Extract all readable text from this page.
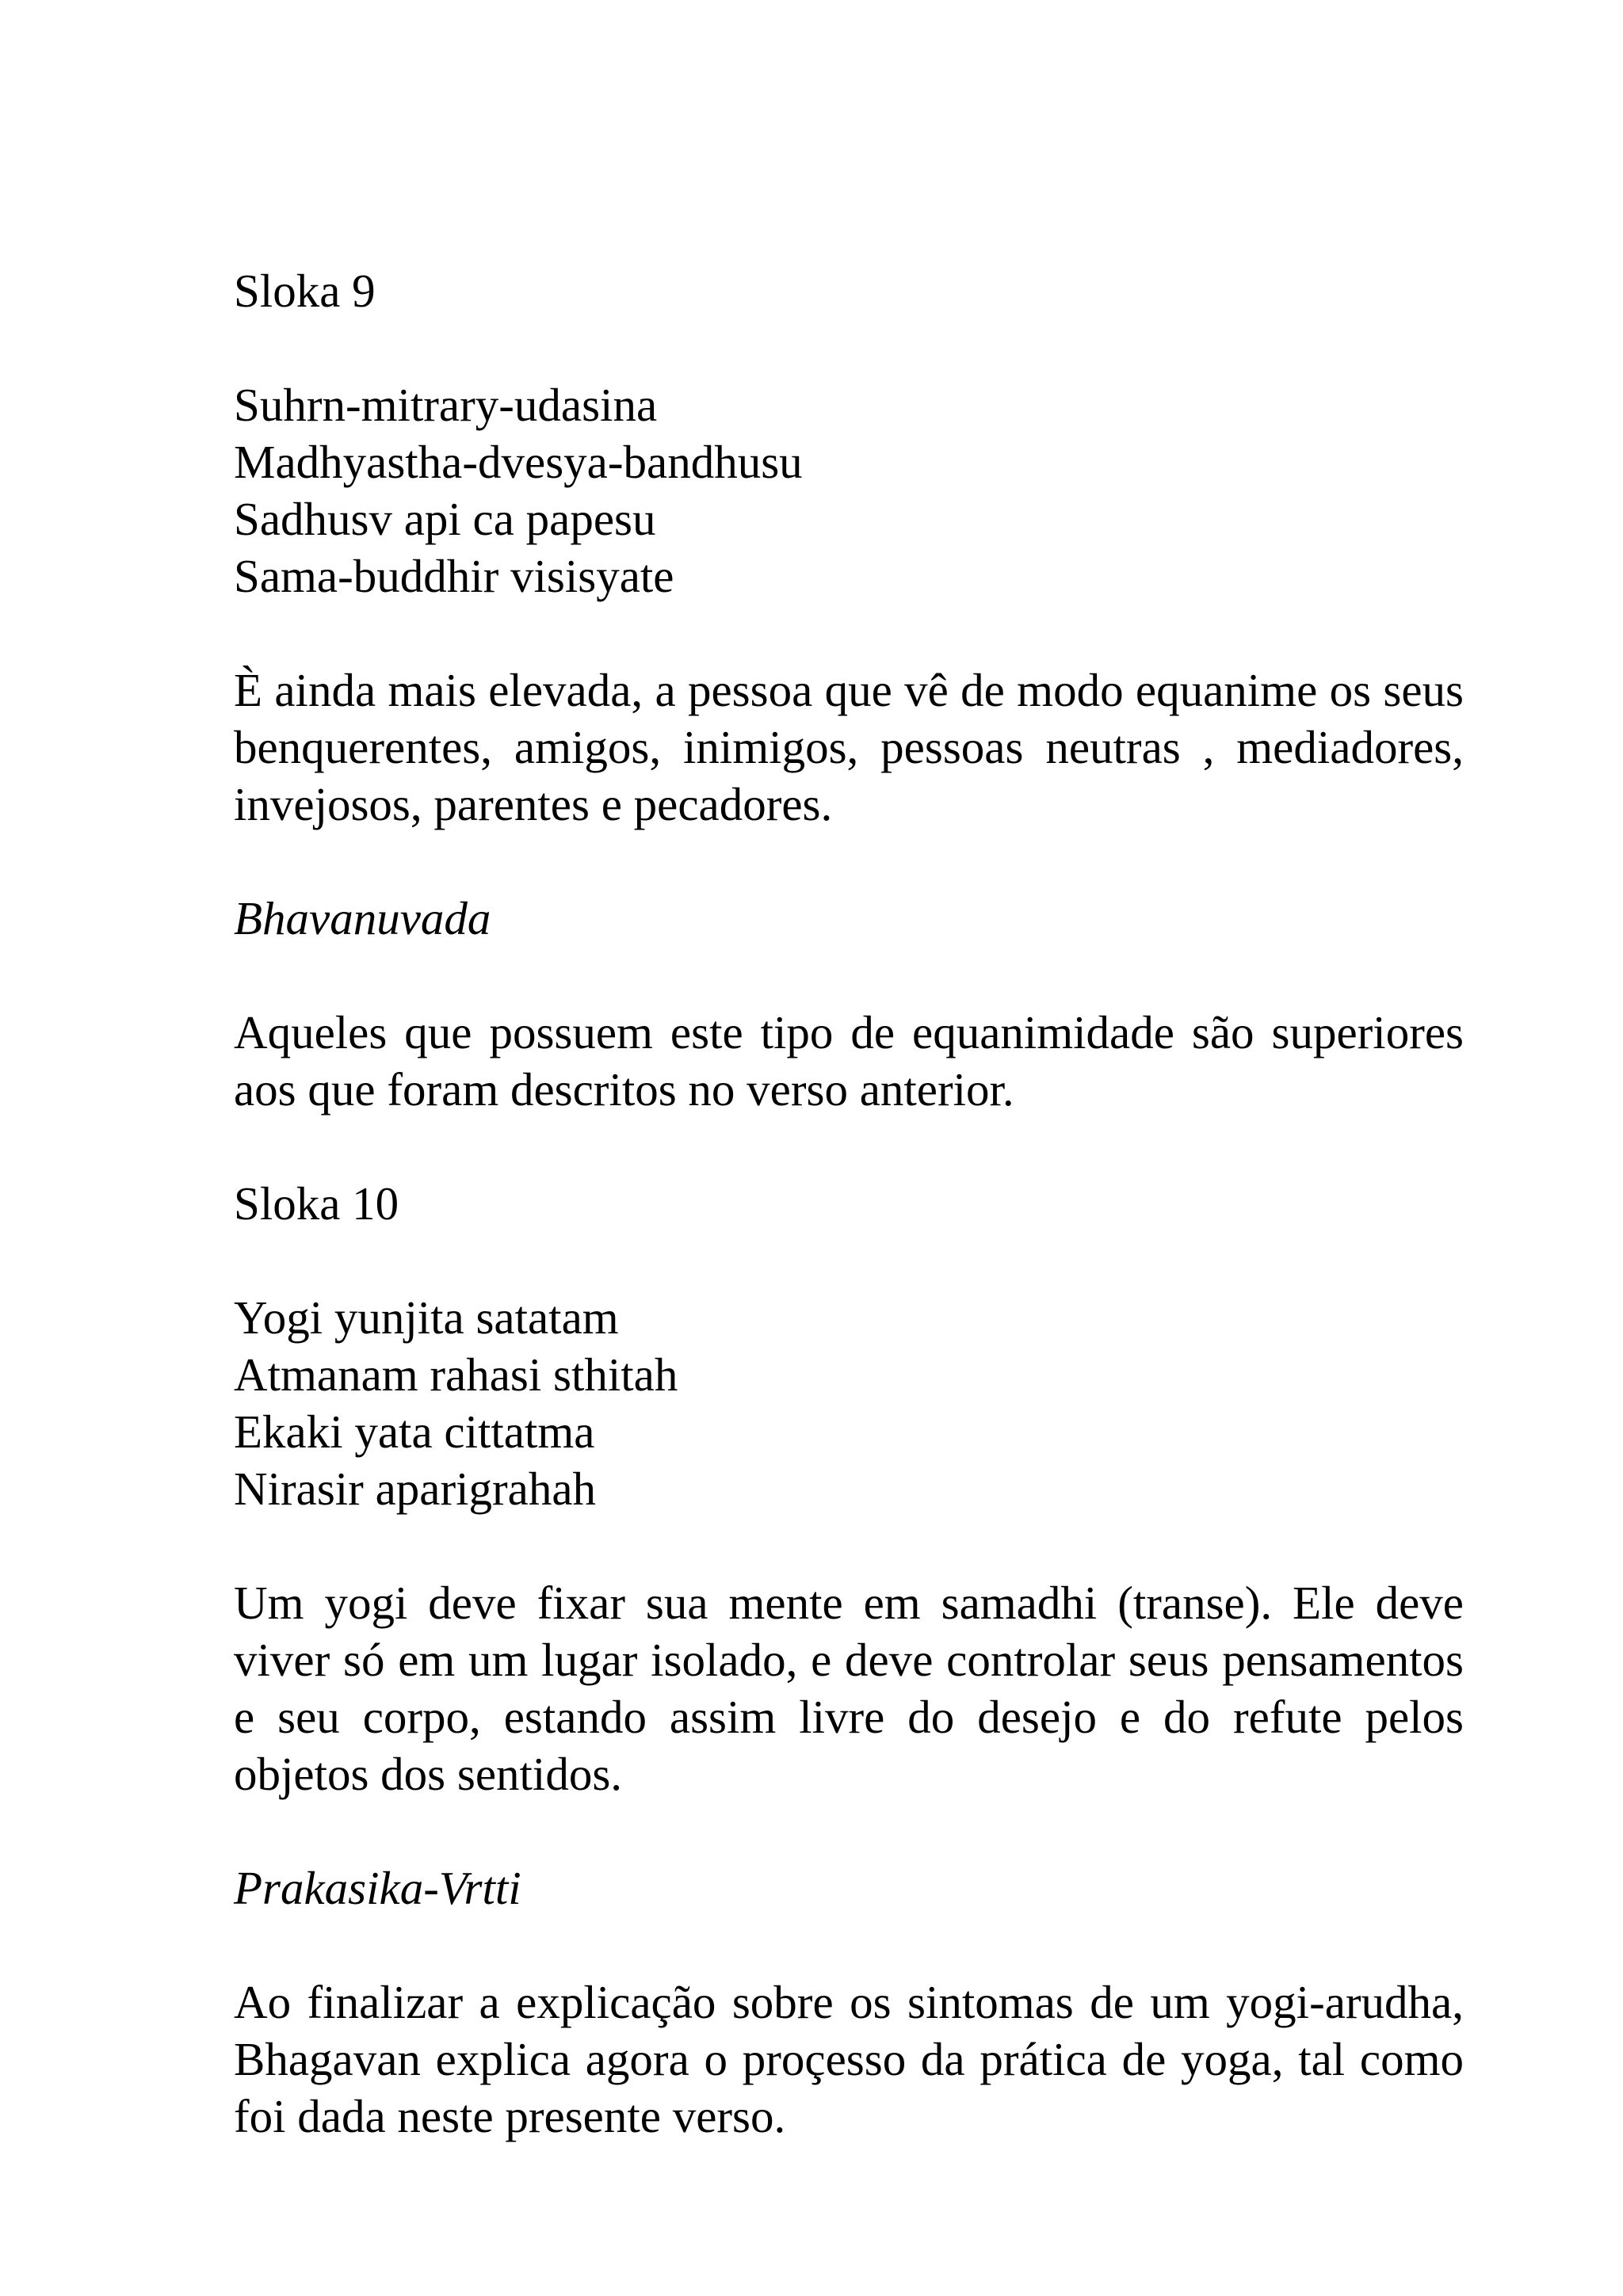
Sloka 9
Suhrn-mitrary-udasina
Madhyastha-dvesya-bandhusu
Sadhusv api ca papesu
Sama-buddhir visisyate

È ainda mais elevada, a pessoa que vê de modo equanime os seus benquerentes, amigos, inimigos, pessoas neutras , mediadores, invejosos, parentes e pecadores.

Bhavanuvada

Aqueles que possuem este tipo de equanimidade são superiores aos que foram descritos no verso anterior.

Sloka 10
Yogi yunjita satatam
Atmanam rahasi sthitah
Ekaki yata cittatma
Nirasir aparigrahah

Um yogi deve fixar sua mente em samadhi (transe). Ele deve viver só em um lugar isolado, e deve controlar seus pensamentos e seu corpo, estando assim livre do desejo e do refute pelos objetos dos sentidos.

Prakasika-Vrtti

Ao finalizar a explicação sobre os sintomas de um yogi-arudha, Bhagavan explica agora o proçesso da prática de yoga, tal como foi dada neste presente verso.
